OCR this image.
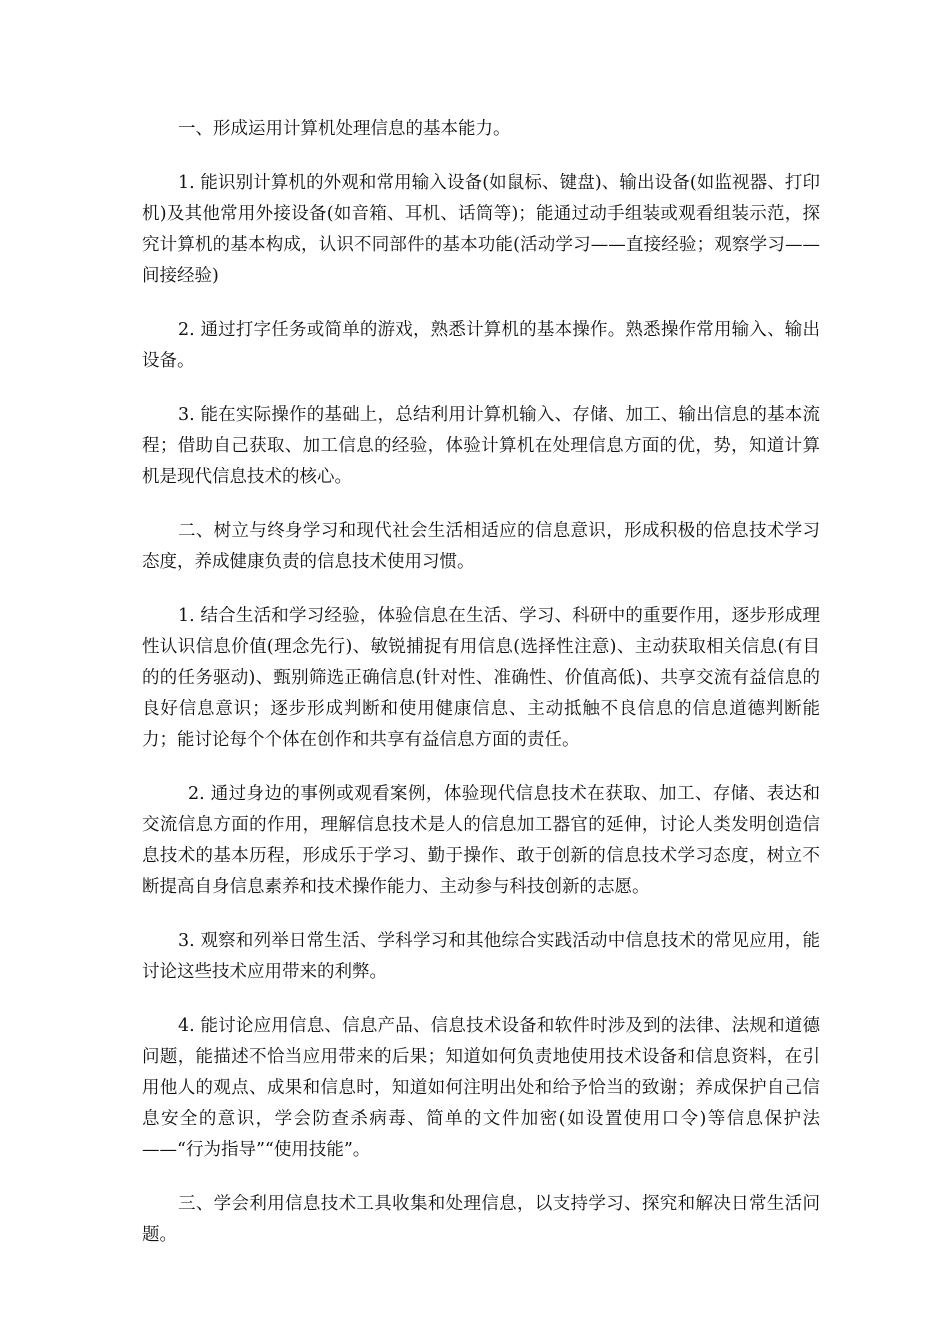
一、形成运用计算机处理信息的基本能力。

1. 能识别计算机的外观和常用输入设备(如鼠标、键盘)、输出设备(如监视器、打印机)及其他常用外接设备(如音箱、耳机、话筒等)；能通过动手组装或观看组装示范，探究计算机的基本构成，认识不同部件的基本功能(活动学习——直接经验；观察学习——间接经验)

2. 通过打字任务或简单的游戏，熟悉计算机的基本操作。熟悉操作常用输入、输出设备。

3. 能在实际操作的基础上，总结利用计算机输入、存储、加工、输出信息的基本流程；借助自己获取、加工信息的经验，体验计算机在处理信息方面的优，势，知道计算机是现代信息技术的核心。

二、树立与终身学习和现代社会生活相适应的信息意识，形成积极的倍息技术学习态度，养成健康负责的信息技术使用习惯。

1. 结合生活和学习经验，体验信息在生活、学习、科研中的重要作用，逐步形成理性认识信息价值(理念先行)、敏锐捕捉有用信息(选择性注意)、主动获取相关信息(有目的的任务驱动)、甄别筛选正确信息(针对性、准确性、价值高低)、共享交流有益信息的良好信息意识；逐步形成判断和使用健康信息、主动抵触不良信息的信息道德判断能力；能讨论每个个体在创作和共享有益信息方面的责任。

2. 通过身边的事例或观看案例，体验现代信息技术在获取、加工、存储、表达和交流信息方面的作用，理解信息技术是人的信息加工器官的延伸，讨论人类发明创造信息技术的基本历程，形成乐于学习、勤于操作、敢于创新的信息技术学习态度，树立不断提高自身信息素养和技术操作能力、主动参与科技创新的志愿。

3. 观察和列举日常生活、学科学习和其他综合实践活动中信息技术的常见应用，能讨论这些技术应用带来的利弊。

4. 能讨论应用信息、信息产品、信息技术设备和软件时涉及到的法律、法规和道德问题，能描述不恰当应用带来的后果；知道如何负责地使用技术设备和信息资料，在引用他人的观点、成果和信息时，知道如何注明出处和给予恰当的致谢；养成保护自己信息安全的意识，学会防查杀病毒、简单的文件加密(如设置使用口令)等信息保护法——“行为指导”“使用技能”。

三、学会利用信息技术工具收集和处理信息，以支持学习、探究和解决日常生活问题。
